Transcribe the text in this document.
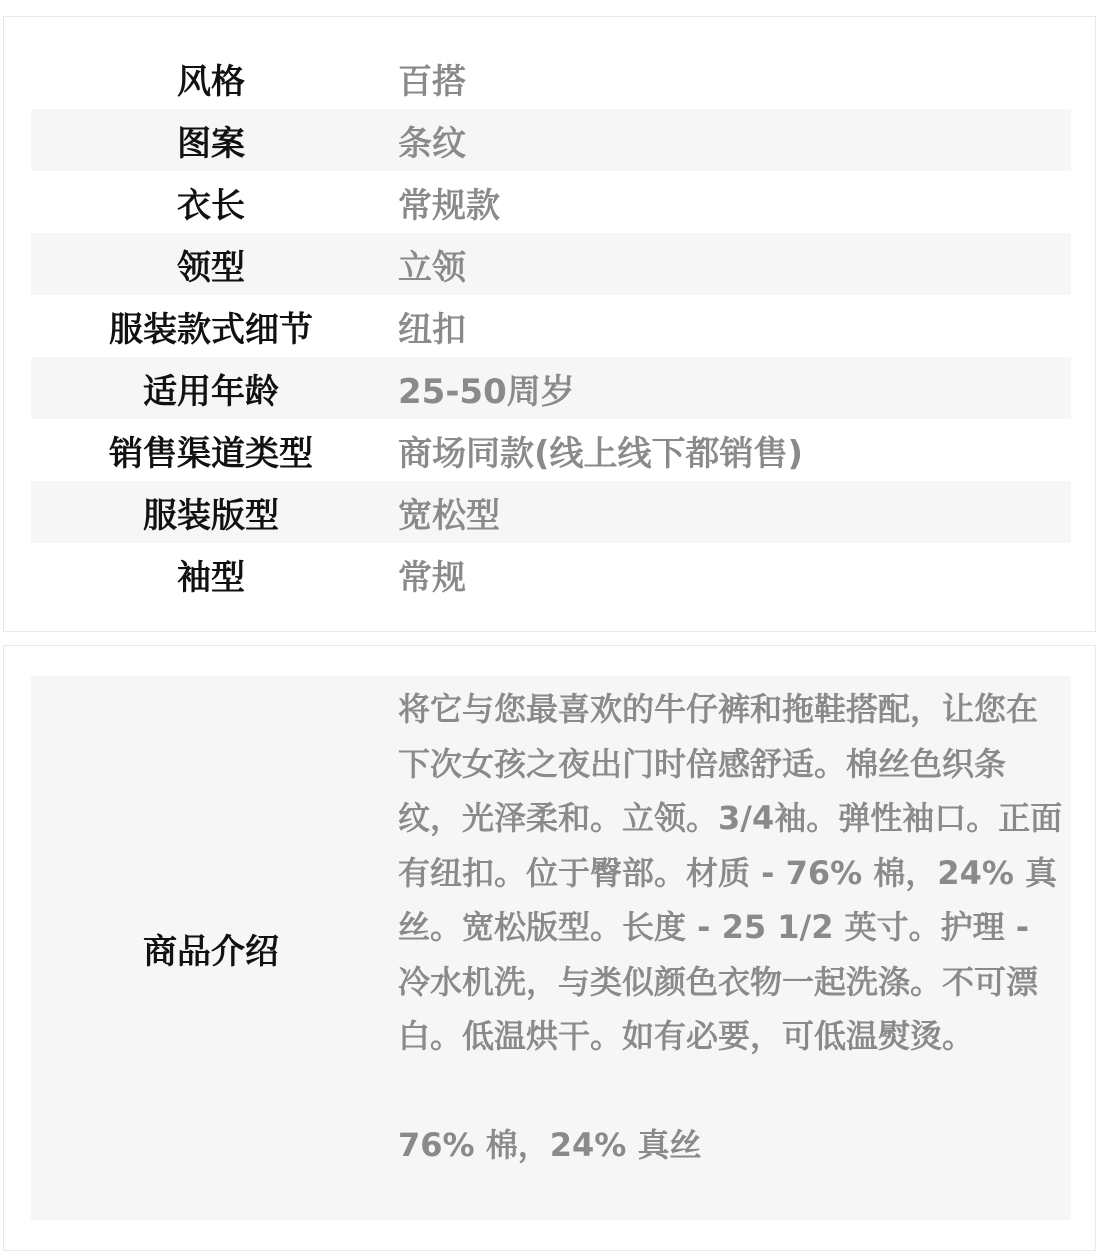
风格	百搭
图案	条纹
衣长	常规款
领型	立领
服装款式细节	纽扣
适用年龄	25-50周岁
销售渠道类型	商场同款(线上线下都销售)
服装版型	宽松型
袖型	常规
商品介绍
将它与您最喜欢的牛仔裤和拖鞋搭配，让您在下次女孩之夜出门时倍感舒适。棉丝色织条纹，光泽柔和。立领。3/4袖。弹性袖口。正面有纽扣。位于臀部。材质 - 76% 棉，24% 真丝。宽松版型。长度 - 25 1/2 英寸。护理 - 冷水机洗，与类似颜色衣物一起洗涤。不可漂白。低温烘干。如有必要，可低温熨烫。

76% 棉，24% 真丝
